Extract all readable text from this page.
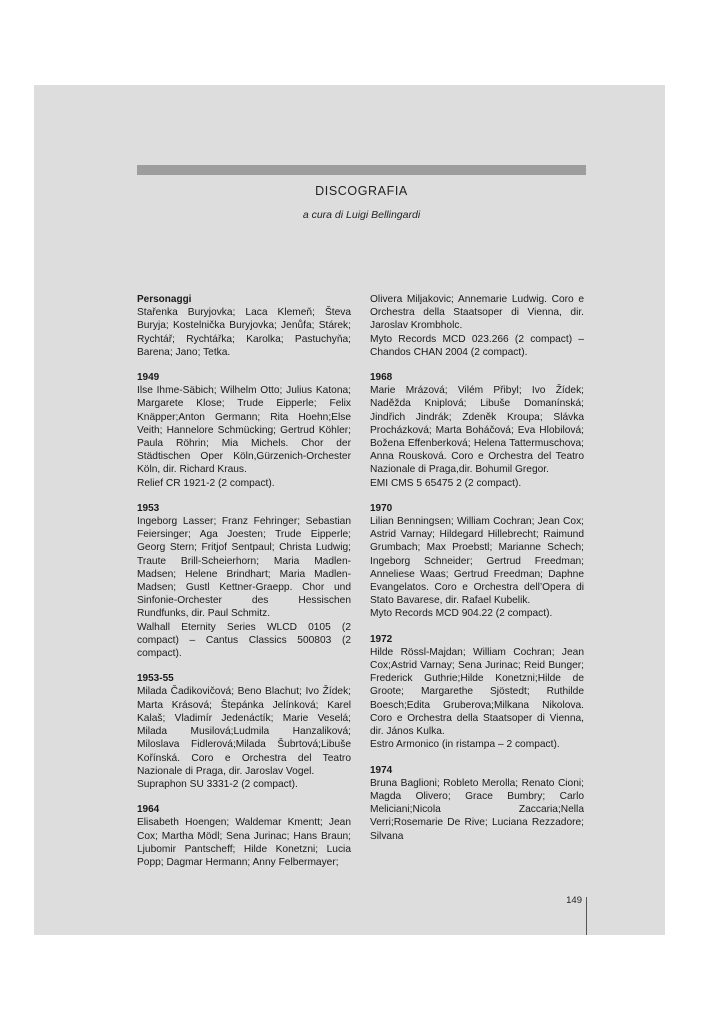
DISCOGRAFIA
a cura di Luigi Bellingardi
Personaggi

Stařenka Buryjovka; Laca Klemeň; Števa Buryja; Kostelnička Buryjovka; Jenůfa; Stárek; Rychtář; Rychtářka; Karolka; Pastuchyňa; Barena; Jano; Tetka.

1949

Ilse Ihme-Säbich; Wilhelm Otto; Julius Katona; Margarete Klose; Trude Eipperle; Felix Knäpper;Anton Germann; Rita Hoehn;Else Veith; Hannelore Schmücking; Gertrud Köhler; Paula Röhrin; Mia Michels. Chor der Städtischen Oper Köln,Gürzenich-Orchester Köln, dir. Richard Kraus.

Relief CR 1921-2 (2 compact).

1953

Ingeborg Lasser; Franz Fehringer; Sebastian Feiersinger; Aga Joesten; Trude Eipperle; Georg Stern; Fritjof Sentpaul; Christa Ludwig; Traute Brill-Scheierhorn; Maria Madlen-Madsen; Helene Brindhart; Maria Madlen-Madsen; Gustl Kettner-Graepp. Chor und Sinfonie-Orchester des Hessischen Rundfunks, dir. Paul Schmitz.

Walhall Eternity Series WLCD 0105 (2 compact) – Cantus Classics 500803 (2 compact).

1953-55

Milada Čadikovičová; Beno Blachut; Ivo Žídek; Marta Krásová; Štepánka Jelínková; Karel Kalaš; Vladimír Jedenáctík; Marie Veselá; Milada Musilová;Ludmila Hanzaliková; Miloslava Fidlerová;Milada Šubrtová;Libuše Kořínská. Coro e Orchestra del Teatro Nazionale di Praga, dir. Jaroslav Vogel.

Supraphon SU 3331-2 (2 compact).

1964

Elisabeth Hoengen; Waldemar Kmentt; Jean Cox; Martha Mödl; Sena Jurinac; Hans Braun; Ljubomir Pantscheff; Hilde Konetzni; Lucia Popp; Dagmar Hermann; Anny Felbermayer;

Olivera Miljakovic; Annemarie Ludwig. Coro e Orchestra della Staatsoper di Vienna, dir. Jaroslav Krombholc.

Myto Records MCD 023.266 (2 compact) – Chandos CHAN 2004 (2 compact).

1968

Marie Mrázová; Vilém Přibyl; Ivo Žídek; Naděžda Kniplová; Libuše Domanínská; Jindřich Jindrák; Zdeněk Kroupa; Slávka Procházková; Marta Boháčová; Eva Hlobilová; Božena Effenberková; Helena Tattermuschova; Anna Rousková. Coro e Orchestra del Teatro Nazionale di Praga,dir. Bohumil Gregor.

EMI CMS 5 65475 2 (2 compact).

1970

Lilian Benningsen; William Cochran; Jean Cox; Astrid Varnay; Hildegard Hillebrecht; Raimund Grumbach; Max Proebstl; Marianne Schech; Ingeborg Schneider; Gertrud Freedman; Anneliese Waas; Gertrud Freedman; Daphne Evangelatos. Coro e Orchestra dell’Opera di Stato Bavarese, dir. Rafael Kubelik.

Myto Records MCD 904.22 (2 compact).

1972

Hilde Rössl-Majdan; William Cochran; Jean Cox;Astrid Varnay; Sena Jurinac; Reid Bunger; Frederick Guthrie;Hilde Konetzni;Hilde de Groote; Margarethe Sjöstedt; Ruthilde Boesch;Edita Gruberova;Milkana Nikolova. Coro e Orchestra della Staatsoper di Vienna, dir. János Kulka.

Estro Armonico (in ristampa – 2 compact).

1974

Bruna Baglioni; Robleto Merolla; Renato Cioni; Magda Olivero; Grace Bumbry; Carlo Meliciani;Nicola Zaccaria;Nella Verri;Rosemarie De Rive; Luciana Rezzadore; Silvana

149
